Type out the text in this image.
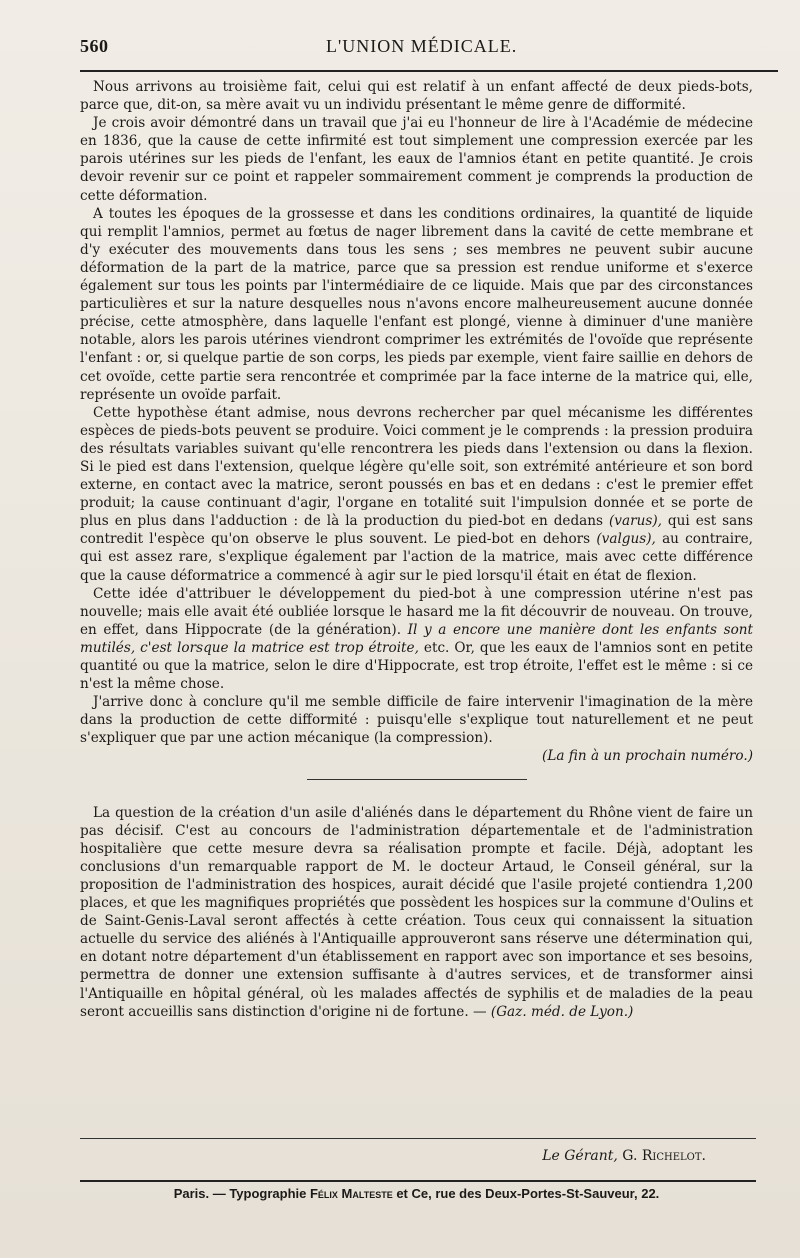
560	L'UNION MÉDICALE.

Nous arrivons au troisième fait, celui qui est relatif à un enfant affecté de deux pieds-bots, parce que, dit-on, sa mère avait vu un individu présentant le même genre de difformité.

Je crois avoir démontré dans un travail que j'ai eu l'honneur de lire à l'Académie de médecine en 1836, que la cause de cette infirmité est tout simplement une compression exercée par les parois utérines sur les pieds de l'enfant, les eaux de l'amnios étant en petite quantité. Je crois devoir revenir sur ce point et rappeler sommairement comment je comprends la production de cette déformation.

A toutes les époques de la grossesse et dans les conditions ordinaires, la quantité de liquide qui remplit l'amnios, permet au fœtus de nager librement dans la cavité de cette membrane et d'y exécuter des mouvements dans tous les sens ; ses membres ne peuvent subir aucune déformation de la part de la matrice, parce que sa pression est rendue uniforme et s'exerce également sur tous les points par l'intermédiaire de ce liquide. Mais que par des circonstances particulières et sur la nature desquelles nous n'avons encore malheureusement aucune donnée précise, cette atmosphère, dans laquelle l'enfant est plongé, vienne à diminuer d'une manière notable, alors les parois utérines viendront comprimer les extrémités de l'ovoïde que représente l'enfant : or, si quelque partie de son corps, les pieds par exemple, vient faire saillie en dehors de cet ovoïde, cette partie sera rencontrée et comprimée par la face interne de la matrice qui, elle, représente un ovoïde parfait.

Cette hypothèse étant admise, nous devrons rechercher par quel mécanisme les différentes espèces de pieds-bots peuvent se produire. Voici comment je le comprends : la pression produira des résultats variables suivant qu'elle rencontrera les pieds dans l'extension ou dans la flexion. Si le pied est dans l'extension, quelque légère qu'elle soit, son extrémité antérieure et son bord externe, en contact avec la matrice, seront poussés en bas et en dedans : c'est le premier effet produit; la cause continuant d'agir, l'organe en totalité suit l'impulsion donnée et se porte de plus en plus dans l'adduction : de là la production du pied-bot en dedans (varus), qui est sans contredit l'espèce qu'on observe le plus souvent. Le pied-bot en dehors (valgus), au contraire, qui est assez rare, s'explique également par l'action de la matrice, mais avec cette différence que la cause déformatrice a commencé à agir sur le pied lorsqu'il était en état de flexion.

Cette idée d'attribuer le développement du pied-bot à une compression utérine n'est pas nouvelle; mais elle avait été oubliée lorsque le hasard me la fit découvrir de nouveau. On trouve, en effet, dans Hippocrate (de la génération). Il y a encore une manière dont les enfants sont mutilés, c'est lorsque la matrice est trop étroite, etc. Or, que les eaux de l'amnios sont en petite quantité ou que la matrice, selon le dire d'Hippocrate, est trop étroite, l'effet est le même : si ce n'est la même chose.

J'arrive donc à conclure qu'il me semble difficile de faire intervenir l'imagination de la mère dans la production de cette difformité : puisqu'elle s'explique tout naturellement et ne peut s'expliquer que par une action mécanique (la compression).

(La fin à un prochain numéro.)

La question de la création d'un asile d'aliénés dans le département du Rhône vient de faire un pas décisif. C'est au concours de l'administration départementale et de l'administration hospitalière que cette mesure devra sa réalisation prompte et facile. Déjà, adoptant les conclusions d'un remarquable rapport de M. le docteur Artaud, le Conseil général, sur la proposition de l'administration des hospices, aurait décidé que l'asile projeté contiendra 1,200 places, et que les magnifiques propriétés que possèdent les hospices sur la commune d'Oulins et de Saint-Genis-Laval seront affectés à cette création. Tous ceux qui connaissent la situation actuelle du service des aliénés à l'Antiquaille approuveront sans réserve une détermination qui, en dotant notre département d'un établissement en rapport avec son importance et ses besoins, permettra de donner une extension suffisante à d'autres services, et de transformer ainsi l'Antiquaille en hôpital général, où les malades affectés de syphilis et de maladies de la peau seront accueillis sans distinction d'origine ni de fortune. — (Gaz. méd. de Lyon.)

Le Gérant, G. Richelot.
Paris. — Typographie Félix Malteste et Ce, rue des Deux-Portes-St-Sauveur, 22.
